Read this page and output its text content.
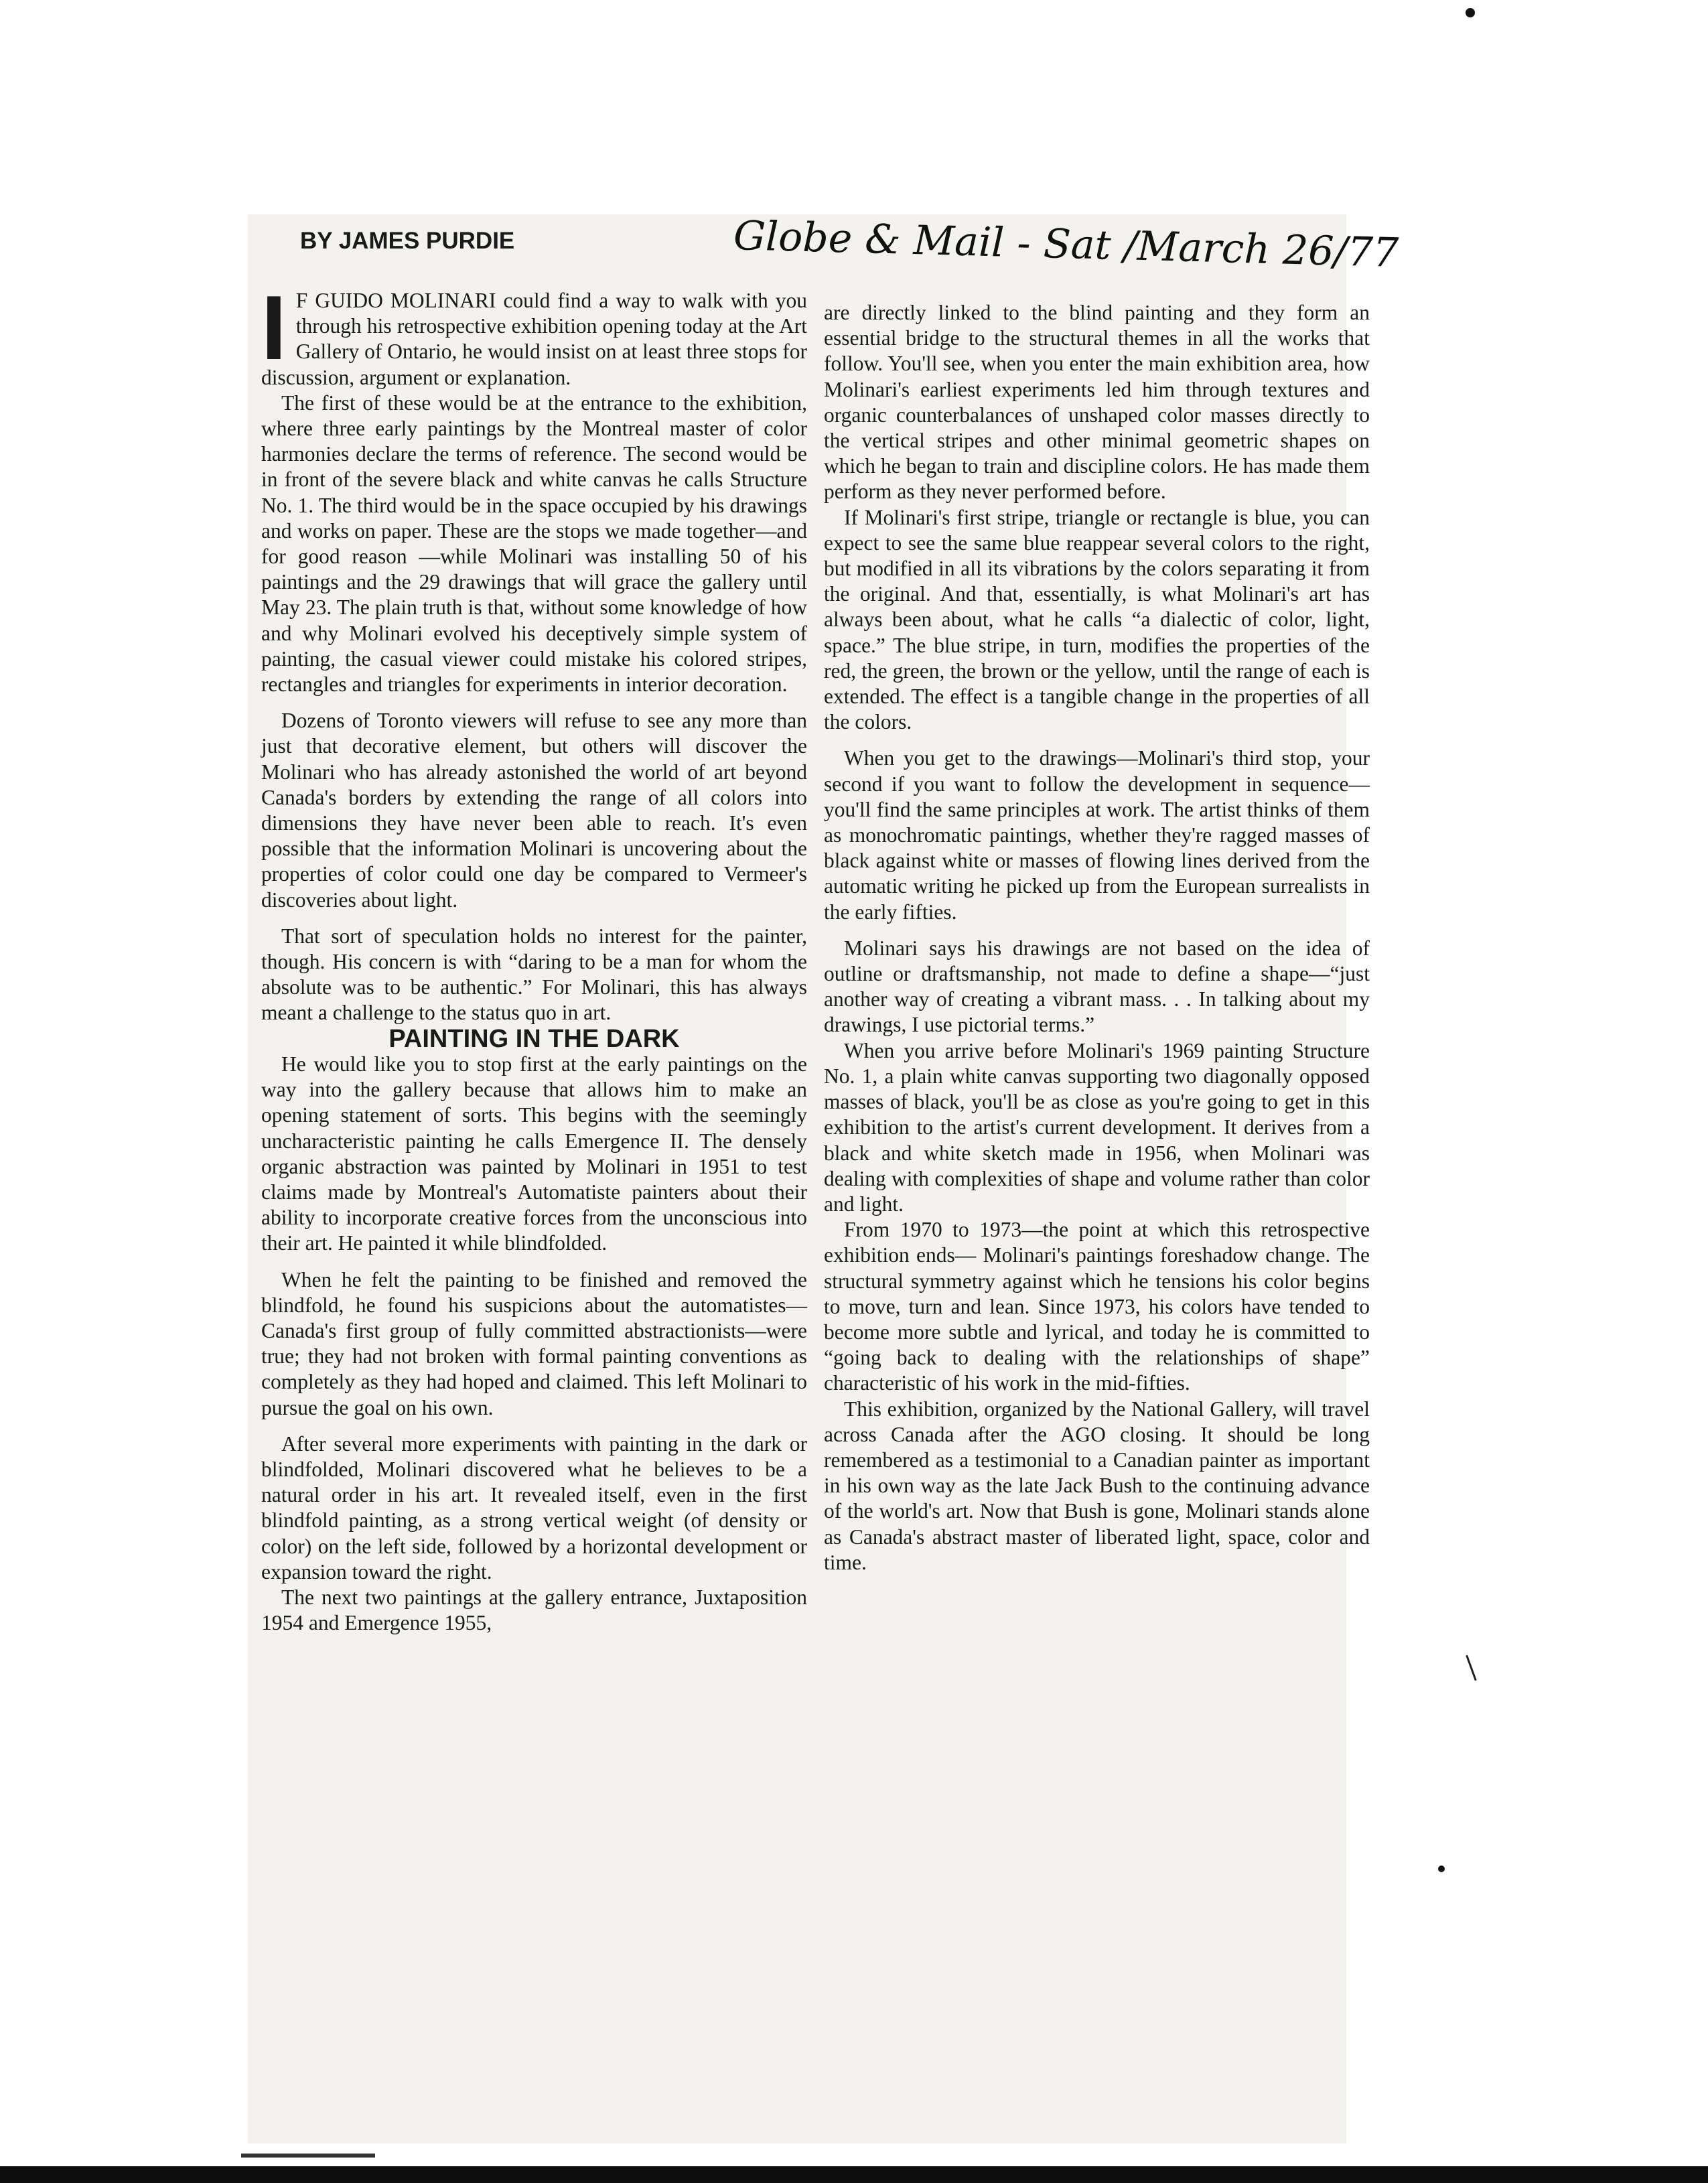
BY JAMES PURDIE	Globe & Mail - Sat /March 26/77

I F GUIDO MOLINARI could find a way to walk with you through his retrospective exhibition opening today at the Art Gallery of Ontario, he would insist on at least three stops for discussion, argument or explanation.

The first of these would be at the entrance to the exhibition, where three early paintings by the Montreal master of color harmonies declare the terms of reference. The second would be in front of the severe black and white canvas he calls Structure No. 1. The third would be in the space occupied by his drawings and works on paper. These are the stops we made together—and for good reason —while Molinari was installing 50 of his paintings and the 29 drawings that will grace the gallery until May 23. The plain truth is that, without some knowledge of how and why Molinari evolved his deceptively simple system of painting, the casual viewer could mistake his colored stripes, rectangles and triangles for experiments in interior decoration.

Dozens of Toronto viewers will refuse to see any more than just that decorative element, but others will discover the Molinari who has already astonished the world of art beyond Canada's borders by extending the range of all colors into dimensions they have never been able to reach. It's even possible that the information Molinari is uncovering about the properties of color could one day be compared to Vermeer's discoveries about light.

That sort of speculation holds no interest for the painter, though. His concern is with “daring to be a man for whom the absolute was to be authentic.” For Molinari, this has always meant a challenge to the status quo in art.

PAINTING IN THE DARK

He would like you to stop first at the early paintings on the way into the gallery because that allows him to make an opening statement of sorts. This begins with the seemingly uncharacteristic painting he calls Emergence II. The densely organic abstraction was painted by Molinari in 1951 to test claims made by Montreal's Automatiste painters about their ability to incorporate creative forces from the unconscious into their art. He painted it while blindfolded.

When he felt the painting to be finished and removed the blindfold, he found his suspicions about the automatistes—Canada's first group of fully committed abstractionists—were true; they had not broken with formal painting conventions as completely as they had hoped and claimed. This left Molinari to pursue the goal on his own.

After several more experiments with painting in the dark or blindfolded, Molinari discovered what he believes to be a natural order in his art. It revealed itself, even in the first blindfold painting, as a strong vertical weight (of density or color) on the left side, followed by a horizontal development or expansion toward the right.

The next two paintings at the gallery entrance, Juxtaposition 1954 and Emergence 1955,

are directly linked to the blind painting and they form an essential bridge to the structural themes in all the works that follow. You'll see, when you enter the main exhibition area, how Molinari's earliest experiments led him through textures and organic counterbalances of unshaped color masses directly to the vertical stripes and other minimal geometric shapes on which he began to train and discipline colors. He has made them perform as they never performed before.

If Molinari's first stripe, triangle or rectangle is blue, you can expect to see the same blue reappear several colors to the right, but modified in all its vibrations by the colors separating it from the original. And that, essentially, is what Molinari's art has always been about, what he calls “a dialectic of color, light, space.” The blue stripe, in turn, modifies the properties of the red, the green, the brown or the yellow, until the range of each is extended. The effect is a tangible change in the properties of all the colors.

When you get to the drawings—Molinari's third stop, your second if you want to follow the development in sequence—you'll find the same principles at work. The artist thinks of them as monochromatic paintings, whether they're ragged masses of black against white or masses of flowing lines derived from the automatic writing he picked up from the European surrealists in the early fifties.

Molinari says his drawings are not based on the idea of outline or draftsmanship, not made to define a shape—“just another way of creating a vibrant mass. . . In talking about my drawings, I use pictorial terms.”

When you arrive before Molinari's 1969 painting Structure No. 1, a plain white canvas supporting two diagonally opposed masses of black, you'll be as close as you're going to get in this exhibition to the artist's current development. It derives from a black and white sketch made in 1956, when Molinari was dealing with complexities of shape and volume rather than color and light.

From 1970 to 1973—the point at which this retrospective exhibition ends— Molinari's paintings foreshadow change. The structural symmetry against which he tensions his color begins to move, turn and lean. Since 1973, his colors have tended to become more subtle and lyrical, and today he is committed to “going back to dealing with the relationships of shape” characteristic of his work in the mid-fifties.

This exhibition, organized by the National Gallery, will travel across Canada after the AGO closing. It should be long remembered as a testimonial to a Canadian painter as important in his own way as the late Jack Bush to the continuing advance of the world's art. Now that Bush is gone, Molinari stands alone as Canada's abstract master of liberated light, space, color and time.
